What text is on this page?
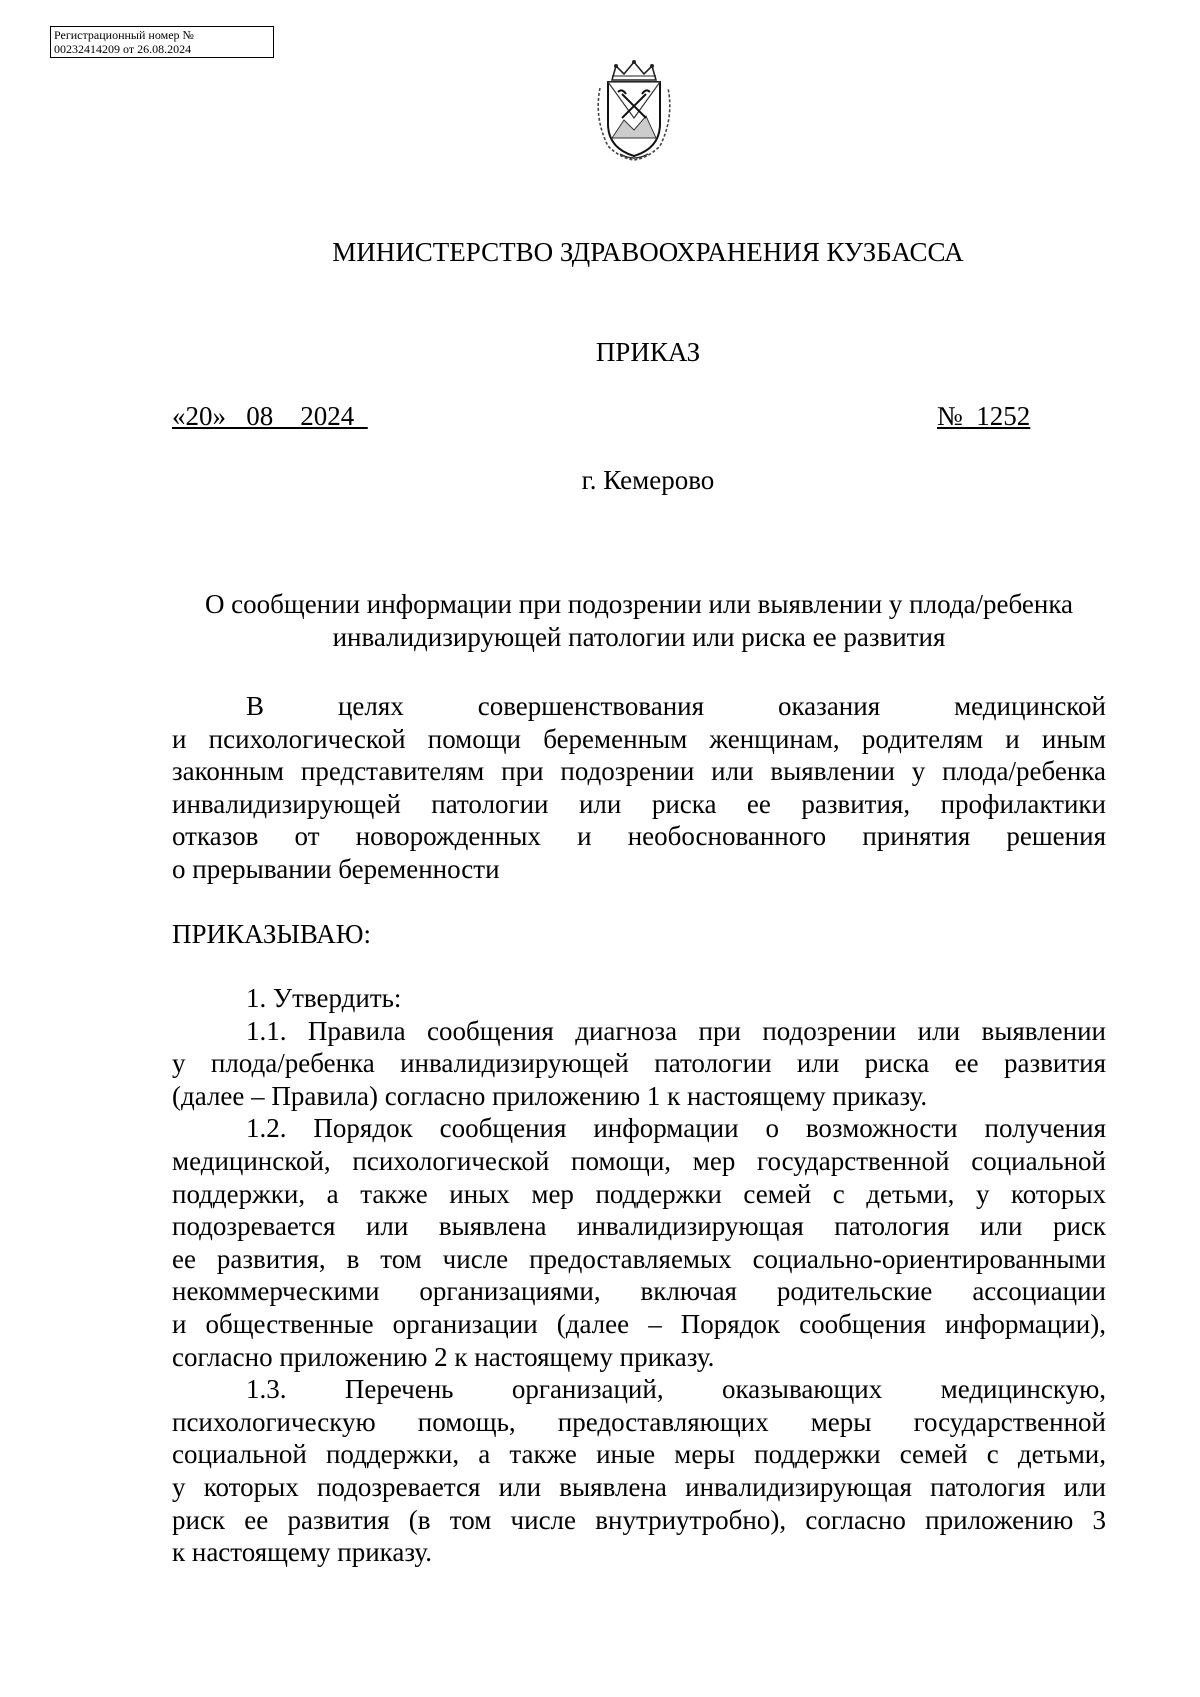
Регистрационный номер №
00232414209 от 26.08.2024
МИНИСТЕРСТВО ЗДРАВООХРАНЕНИЯ КУЗБАССА
ПРИКАЗ
«20»   08    2024	№  1252
г. Кемерово
О сообщении информации при подозрении или выявлении у плода/ребенка
инвалидизирующей патологии или риска ее развития
В целях совершенствования оказания медицинской
и психологической помощи беременным женщинам, родителям и иным
законным представителям при подозрении или выявлении у плода/ребенка
инвалидизирующей патологии или риска ее развития, профилактики
отказов от новорожденных и необоснованного принятия решения
о прерывании беременности
ПРИКАЗЫВАЮ:
1. Утвердить:
1.1. Правила сообщения диагноза при подозрении или выявлении
у плода/ребенка инвалидизирующей патологии или риска ее развития
(далее – Правила) согласно приложению 1 к настоящему приказу.
1.2. Порядок сообщения информации о возможности получения
медицинской, психологической помощи, мер государственной социальной
поддержки, а также иных мер поддержки семей с детьми, у которых
подозревается или выявлена инвалидизирующая патология или риск
ее развития, в том числе предоставляемых социально-ориентированными
некоммерческими организациями, включая родительские ассоциации
и общественные организации (далее – Порядок сообщения информации),
согласно приложению 2 к настоящему приказу.
1.3. Перечень организаций, оказывающих медицинскую,
психологическую помощь, предоставляющих меры государственной
социальной поддержки, а также иные меры поддержки семей с детьми,
у которых подозревается или выявлена инвалидизирующая патология или
риск ее развития (в том числе внутриутробно), согласно приложению 3
к настоящему приказу.
